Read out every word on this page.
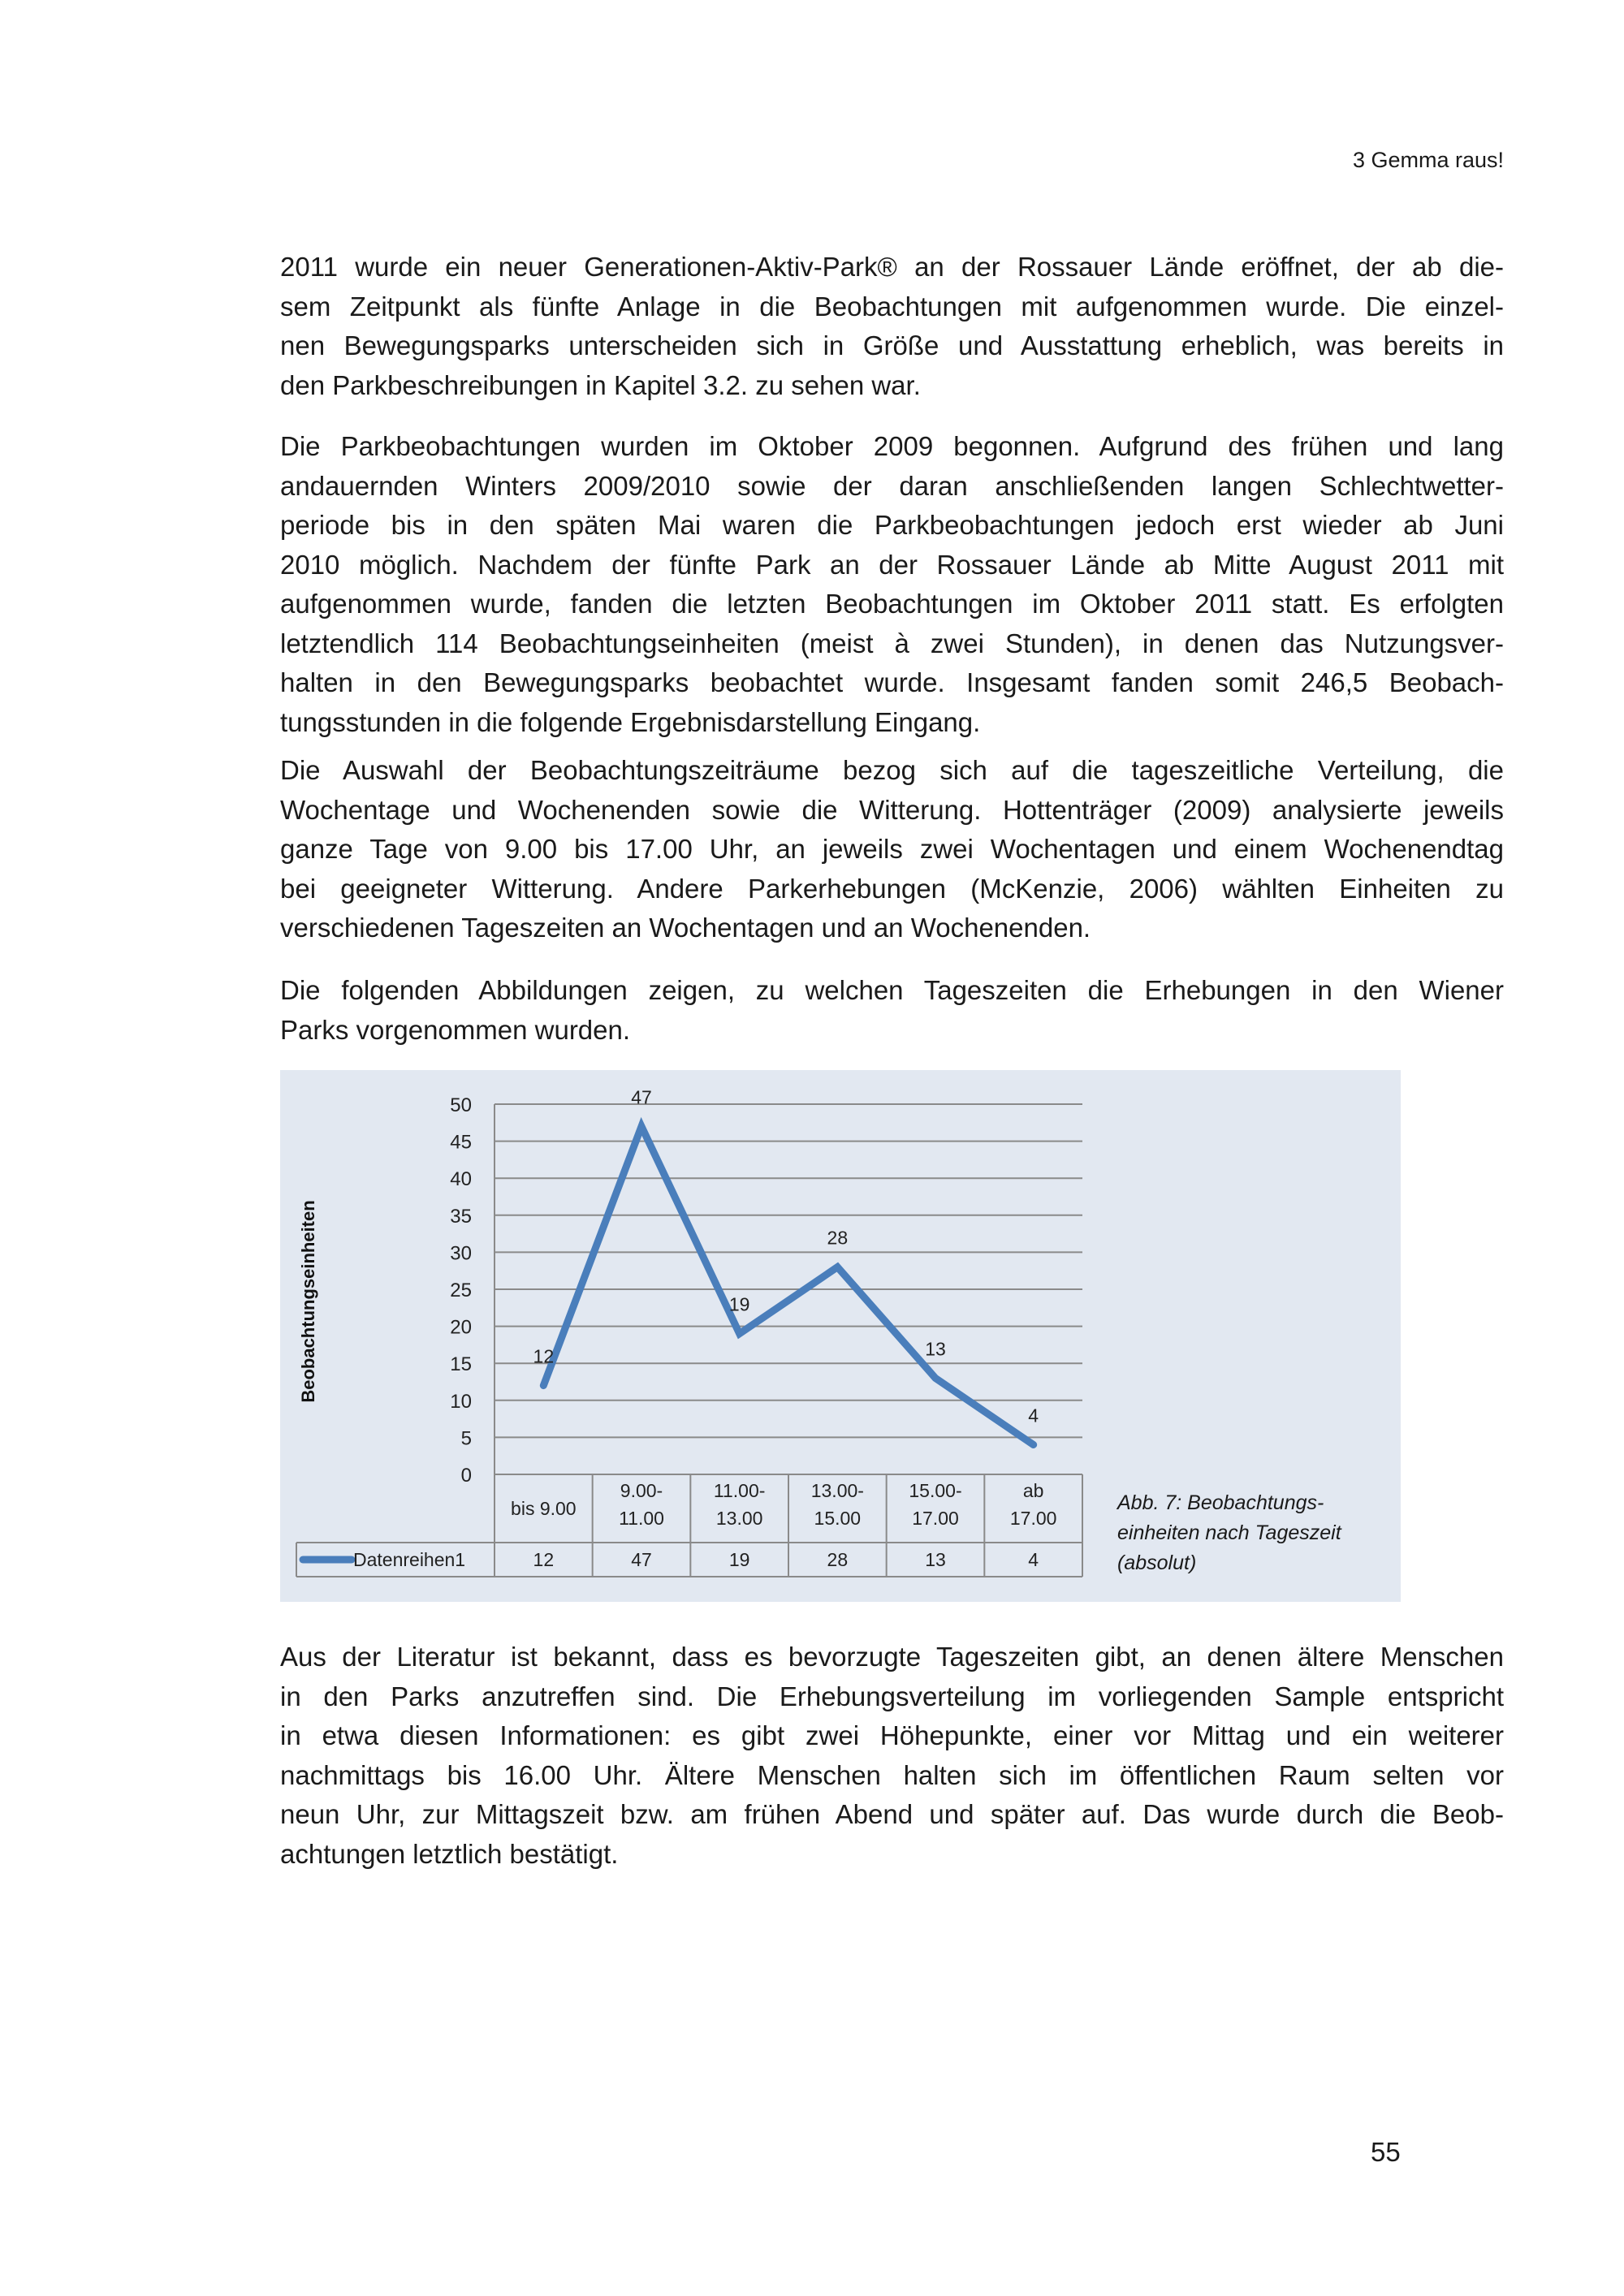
3 Gemma raus!
2011 wurde ein neuer Generationen-Aktiv-Park® an der Rossauer Lände eröffnet, der ab die-
sem Zeitpunkt als fünfte Anlage in die Beobachtungen mit aufgenommen wurde. Die einzel-
nen Bewegungsparks unterscheiden sich in Größe und Ausstattung erheblich, was bereits in
den Parkbeschreibungen in Kapitel 3.2. zu sehen war.
Die Parkbeobachtungen wurden im Oktober 2009 begonnen. Aufgrund des frühen und lang
andauernden Winters 2009/2010 sowie der daran anschließenden langen Schlechtwetter-
periode bis in den späten Mai waren die Parkbeobachtungen jedoch erst wieder ab Juni
2010 möglich. Nachdem der fünfte Park an der Rossauer Lände ab Mitte August 2011 mit
aufgenommen wurde, fanden die letzten Beobachtungen im Oktober 2011 statt. Es erfolgten
letztendlich 114 Beobachtungseinheiten (meist à zwei Stunden), in denen das Nutzungsver-
halten in den Bewegungsparks beobachtet wurde. Insgesamt fanden somit 246,5 Beobach-
tungsstunden in die folgende Ergebnisdarstellung Eingang.
Die Auswahl der Beobachtungszeiträume bezog sich auf die tageszeitliche Verteilung, die
Wochentage und Wochenenden sowie die Witterung. Hottenträger (2009) analysierte jeweils
ganze Tage von 9.00 bis 17.00 Uhr, an jeweils zwei Wochentagen und einem Wochenendtag
bei geeigneter Witterung. Andere Parkerhebungen (McKenzie, 2006) wählten Einheiten zu
verschiedenen Tageszeiten an Wochentagen und an Wochenenden.
Die folgenden Abbildungen zeigen, zu welchen Tageszeiten die Erhebungen in den Wiener
Parks vorgenommen wurden.
Aus der Literatur ist bekannt, dass es bevorzugte Tageszeiten gibt, an denen ältere Menschen
in den Parks anzutreffen sind. Die Erhebungsverteilung im vorliegenden Sample entspricht
in etwa diesen Informationen: es gibt zwei Höhepunkte, einer vor Mittag und ein weiterer
nachmittags bis 16.00 Uhr. Ältere Menschen halten sich im öffentlichen Raum selten vor
neun Uhr, zur Mittagszeit bzw. am frühen Abend und später auf. Das wurde durch die Beob-
achtungen letztlich bestätigt.
0
5
10
15
20
25
30
35
40
45
50
Beobachtungseinheiten
bis 9.00
9.00-
11.00
11.00-
13.00
13.00-
15.00
15.00-
17.00
ab
17.00
Datenreihen1
12
12
47
47
19
19
28
28
13
13
4
4
Abb. 7: Beobachtungs-
einheiten nach Tageszeit
(absolut)
55
